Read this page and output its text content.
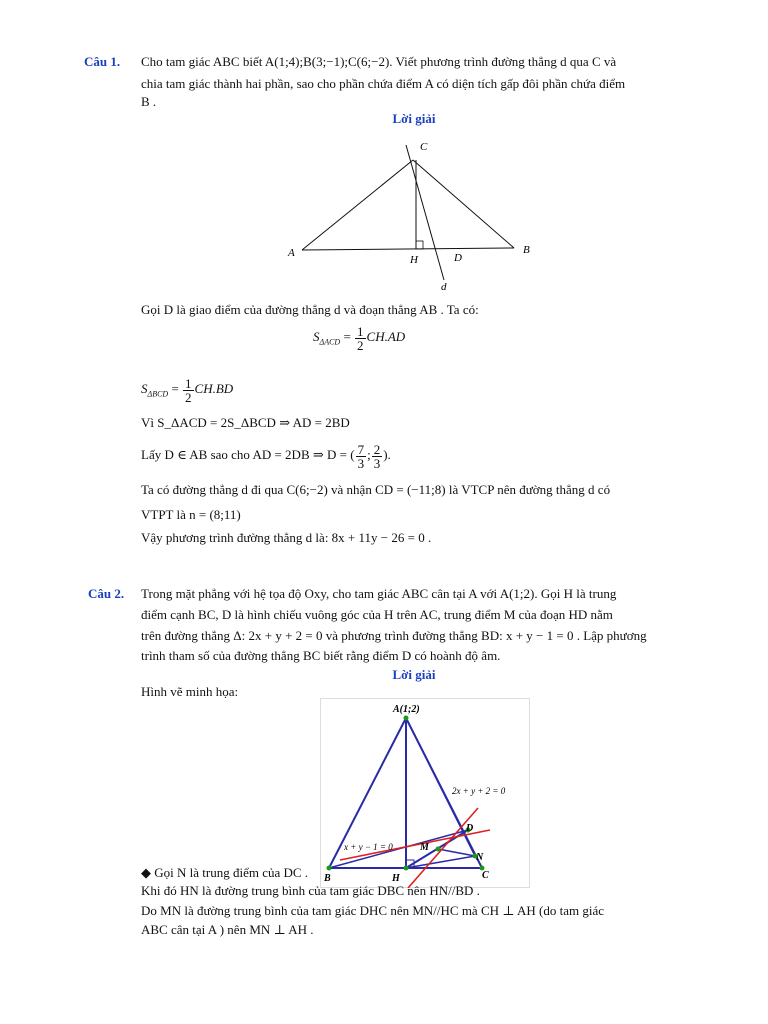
Câu 1. Cho tam giác ABC biết A(1;4);B(3;−1);C(6;−2). Viết phương trình đường thẳng d qua C và
chia tam giác thành hai phần, sao cho phần chứa điểm A có diện tích gấp đôi phần chứa điểm
B .
Lời giải
C
A	B
H	D
d
Gọi D là giao điểm của đường thẳng d và đoạn thẳng AB . Ta có:
$S_{\Delta ACD} = \frac{1}{2} CH.AD$
$S_{\Delta BCD} = \frac{1}{2} CH.BD$
Vì S_ΔACD = 2S_ΔBCD ⇒ AD = 2BD
Lấy D ∈ AB sao cho AD = 2DB ⇒ D = ( $\frac{7}{3}$ ; $\frac{2}{3}$ ).
Ta có đường thẳng d đi qua C(6;−2) và nhận CD = (−11;8) là VTCP nên đường thẳng d có
VTPT là n = (8;11)
Vậy phương trình đường thẳng d là: 8x + 11y − 26 = 0 .
Câu 2. Trong mặt phẳng với hệ tọa độ Oxy, cho tam giác ABC cân tại A với A(1;2). Gọi H là trung
điểm cạnh BC, D là hình chiếu vuông góc của H trên AC, trung điểm M của đoạn HD nằm
trên đường thẳng Δ: 2x + y + 2 = 0 và phương trình đường thẳng BD: x + y − 1 = 0 . Lập phương
trình tham số của đường thẳng BC biết rằng điểm D có hoành độ âm.
Lời giải
Hình vẽ minh họa:
A(1;2)
B	C
H
D
M
N
2x + y + 2 = 0
x + y − 1 = 0
◆ Gọi N là trung điểm của DC .
Khi đó HN là đường trung bình của tam giác DBC nên HN//BD .
Do MN là đường trung bình của tam giác DHC nên MN//HC mà CH ⊥ AH (do tam giác
ABC cân tại A ) nên MN ⊥ AH .
